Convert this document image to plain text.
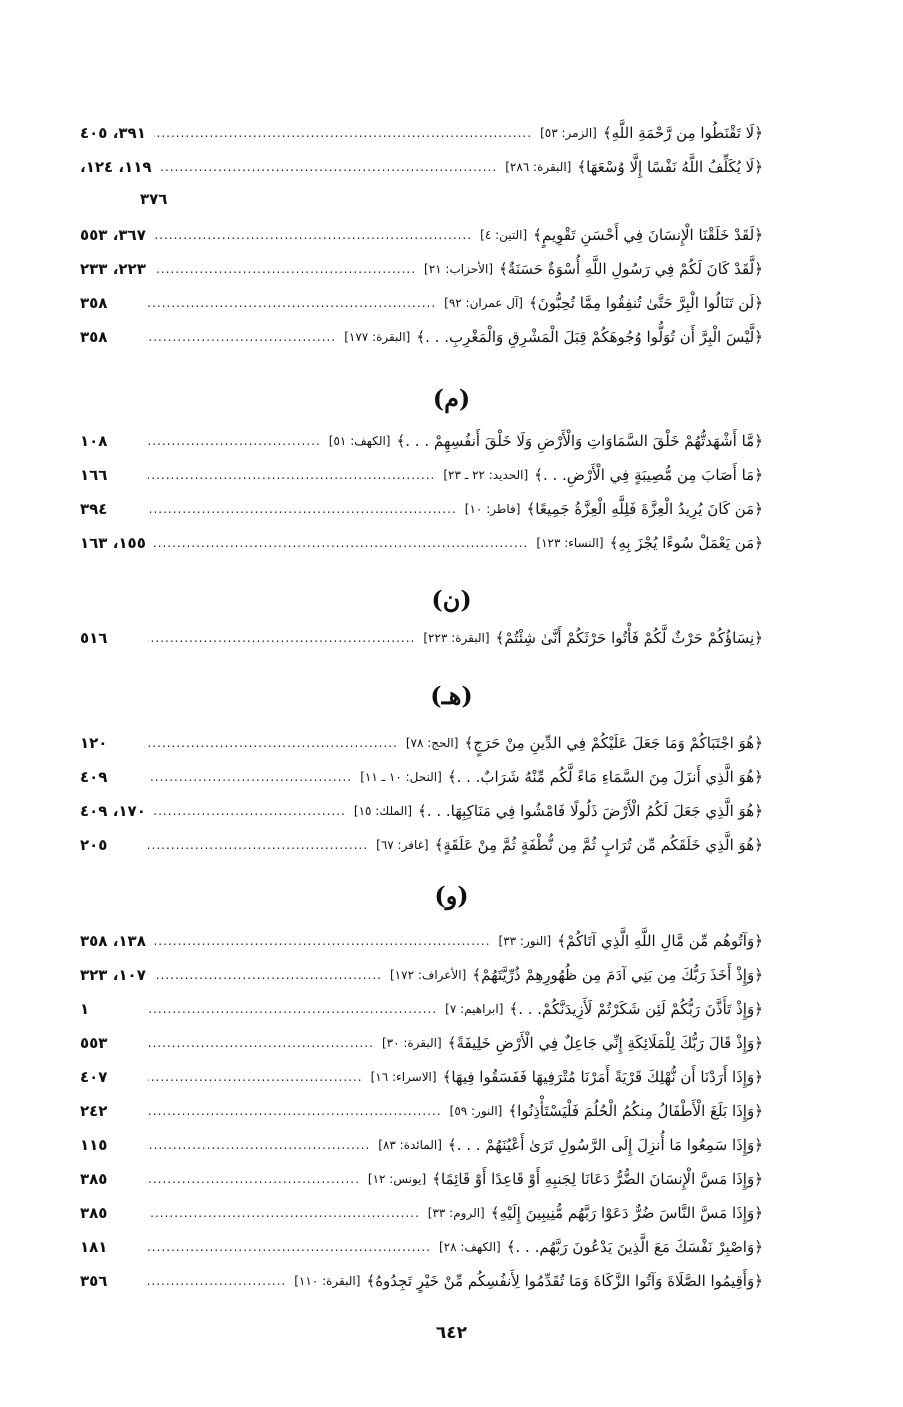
﴿لَا تَقْنَطُوا مِن رَّحْمَةِ اللَّهِ﴾
[الزمر: ٥٣]
.....
٣٩١، ٤٠٥
﴿لَا يُكَلِّفُ اللَّهُ نَفْسًا إِلَّا وُسْعَهَا﴾
[البقرة: ٢٨٦]
.....
١١٩، ١٢٤،
٣٧٦
﴿لَقَدْ خَلَقْنَا الْإِنسَانَ فِي أَحْسَنِ تَقْوِيمٍ﴾
[التين: ٤]
.....
٣٦٧، ٥٥٣
﴿لَّقَدْ كَانَ لَكُمْ فِي رَسُولِ اللَّهِ أُسْوَةٌ حَسَنَةٌ﴾
[الأحزاب: ٢١]
.....
٢٢٣، ٢٣٣
﴿لَن تَنَالُوا الْبِرَّ حَتَّىٰ تُنفِقُوا مِمَّا تُحِبُّونَ﴾
[آل عمران: ٩٢]
.....
٣٥٨
﴿لَّيْسَ الْبِرَّ أَن تُوَلُّوا وُجُوهَكُمْ قِبَلَ الْمَشْرِقِ وَالْمَغْرِبِ. . .﴾
[البقرة: ١٧٧]
.....
٣٥٨
(م)
﴿مَّا أَشْهَدتُّهُمْ خَلْقَ السَّمَاوَاتِ وَالْأَرْضِ وَلَا خَلْقَ أَنفُسِهِمْ . . .﴾
[الكهف: ٥١]
.....
١٠٨
﴿مَا أَصَابَ مِن مُّصِيبَةٍ فِي الْأَرْضِ. . .﴾
[الحديد: ٢٢ ـ ٢٣]
.....
١٦٦
﴿مَن كَانَ يُرِيدُ الْعِزَّةَ فَلِلَّهِ الْعِزَّةُ جَمِيعًا﴾
[فاطر: ١٠]
.....
٣٩٤
﴿مَن يَعْمَلْ سُوءًا يُجْزَ بِهِ﴾
[النساء: ١٢٣]
.....
١٥٥، ١٦٣
(ن)
﴿نِسَاؤُكُمْ حَرْثٌ لَّكُمْ فَأْتُوا حَرْثَكُمْ أَنَّىٰ شِئْتُمْ﴾
[البقرة: ٢٢٣]
.....
٥١٦
(هـ)
﴿هُوَ اجْتَبَاكُمْ وَمَا جَعَلَ عَلَيْكُمْ فِي الدِّينِ مِنْ حَرَجٍ﴾
[الحج: ٧٨]
.....
١٢٠
﴿هُوَ الَّذِي أَنزَلَ مِنَ السَّمَاءِ مَاءً لَّكُم مِّنْهُ شَرَابٌ. . .﴾
[النحل: ١٠ ـ ١١]
.....
٤٠٩
﴿هُوَ الَّذِي جَعَلَ لَكُمُ الْأَرْضَ ذَلُولًا فَامْشُوا فِي مَنَاكِبِهَا. . .﴾
[الملك: ١٥]
.....
١٧٠، ٤٠٩
﴿هُوَ الَّذِي خَلَقَكُم مِّن تُرَابٍ ثُمَّ مِن نُّطْفَةٍ ثُمَّ مِنْ عَلَقَةٍ﴾
[غافر: ٦٧]
.....
٢٠٥
(و)
﴿وَآتُوهُم مِّن مَّالِ اللَّهِ الَّذِي آتَاكُمْ﴾
[النور: ٣٣]
.....
١٣٨، ٣٥٨
﴿وَإِذْ أَخَذَ رَبُّكَ مِن بَنِي آدَمَ مِن ظُهُورِهِمْ ذُرِّيَّتَهُمْ﴾
[الأعراف: ١٧٢]
.....
١٠٧، ٣٢٣
﴿وَإِذْ تَأَذَّنَ رَبُّكُمْ لَئِن شَكَرْتُمْ لَأَزِيدَنَّكُمْ. . .﴾
[ابراهيم: ٧]
.....
١
﴿وَإِذْ قَالَ رَبُّكَ لِلْمَلَائِكَةِ إِنِّي جَاعِلٌ فِي الْأَرْضِ خَلِيفَةً﴾
[البقرة: ٣٠]
.....
٥٥٣
﴿وَإِذَا أَرَدْنَا أَن نُّهْلِكَ قَرْيَةً أَمَرْنَا مُتْرَفِيهَا فَفَسَقُوا فِيهَا﴾
[الاسراء: ١٦]
.....
٤٠٧
﴿وَإِذَا بَلَغَ الْأَطْفَالُ مِنكُمُ الْحُلُمَ فَلْيَسْتَأْذِنُوا﴾
[النور: ٥٩]
.....
٢٤٢
﴿وَإِذَا سَمِعُوا مَا أُنزِلَ إِلَى الرَّسُولِ تَرَىٰ أَعْيُنَهُمْ . . .﴾
[المائدة: ٨٣]
.....
١١٥
﴿وَإِذَا مَسَّ الْإِنسَانَ الضُّرُّ دَعَانَا لِجَنبِهِ أَوْ قَاعِدًا أَوْ قَائِمًا﴾
[يونس: ١٢]
.....
٣٨٥
﴿وَإِذَا مَسَّ النَّاسَ ضُرٌّ دَعَوْا رَبَّهُم مُّنِيبِينَ إِلَيْهِ﴾
[الروم: ٣٣]
.....
٣٨٥
﴿وَاصْبِرْ نَفْسَكَ مَعَ الَّذِينَ يَدْعُونَ رَبَّهُم. . .﴾
[الكهف: ٢٨]
.....
١٨١
﴿وَأَقِيمُوا الصَّلَاةَ وَآتُوا الزَّكَاةَ وَمَا تُقَدِّمُوا لِأَنفُسِكُم مِّنْ خَيْرٍ تَجِدُوهُ﴾
[البقرة: ١١٠]
.....
٣٥٦
٦٤٢
